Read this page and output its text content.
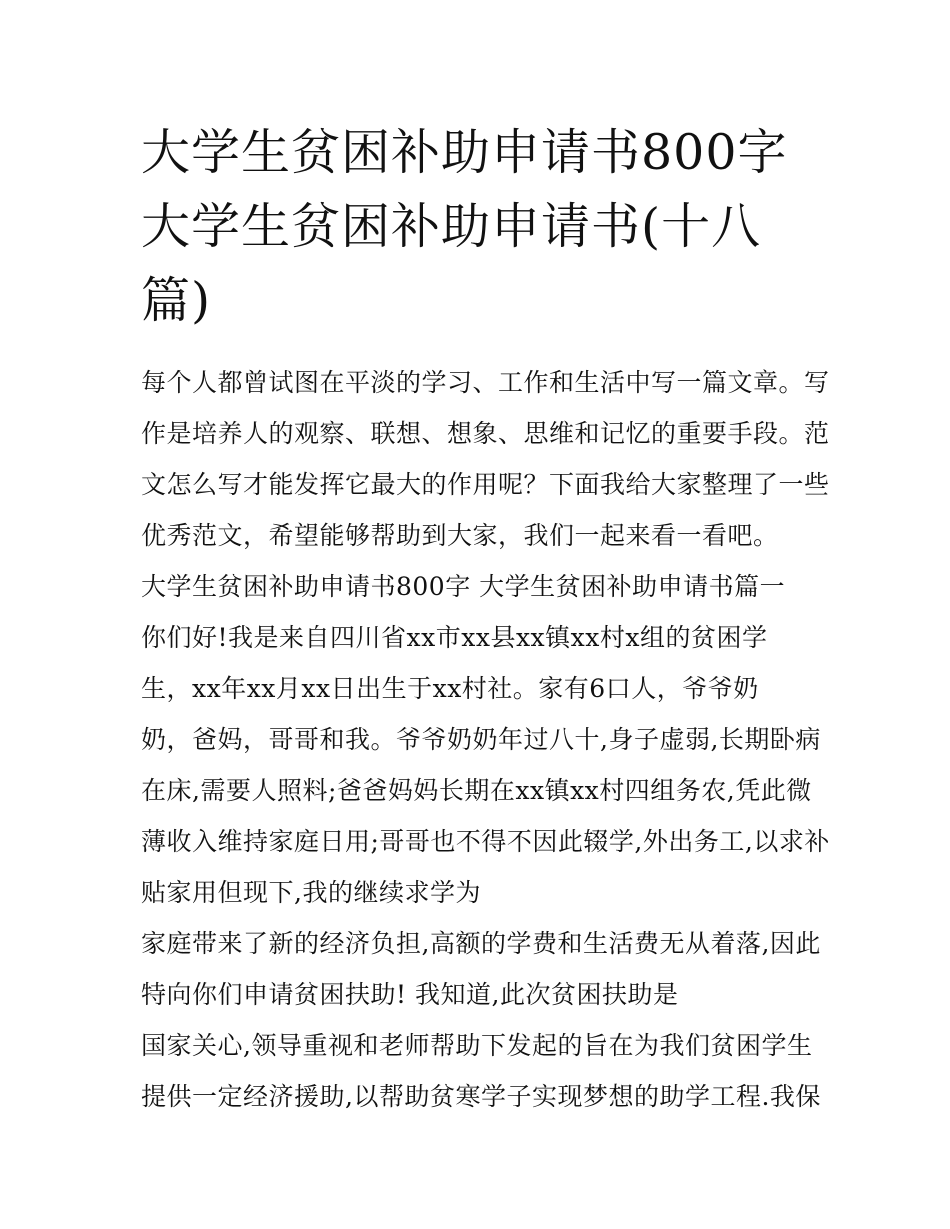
大学生贫困补助申请书800字
大学生贫困补助申请书(十八
篇)

每个人都曾试图在平淡的学习、工作和生活中写一篇文章。写

作是培养人的观察、联想、想象、思维和记忆的重要手段。范

文怎么写才能发挥它最大的作用呢？下面我给大家整理了一些

优秀范文，希望能够帮助到大家，我们一起来看一看吧。

大学生贫困补助申请书800字 大学生贫困补助申请书篇一

你们好!我是来自四川省xx市xx县xx镇xx村x组的贫困学

生，xx年xx月xx日出生于xx村社。家有6口人，爷爷奶

奶，爸妈，哥哥和我。爷爷奶奶年过八十,身子虚弱,长期卧病

在床,需要人照料;爸爸妈妈长期在xx镇xx村四组务农,凭此微

薄收入维持家庭日用;哥哥也不得不因此辍学,外出务工,以求补

贴家用但现下,我的继续求学为

家庭带来了新的经济负担,高额的学费和生活费无从着落,因此

特向你们申请贫困扶助! 我知道,此次贫困扶助是

国家关心,领导重视和老师帮助下发起的旨在为我们贫困学生

提供一定经济援助,以帮助贫寒学子实现梦想的助学工程.我保
